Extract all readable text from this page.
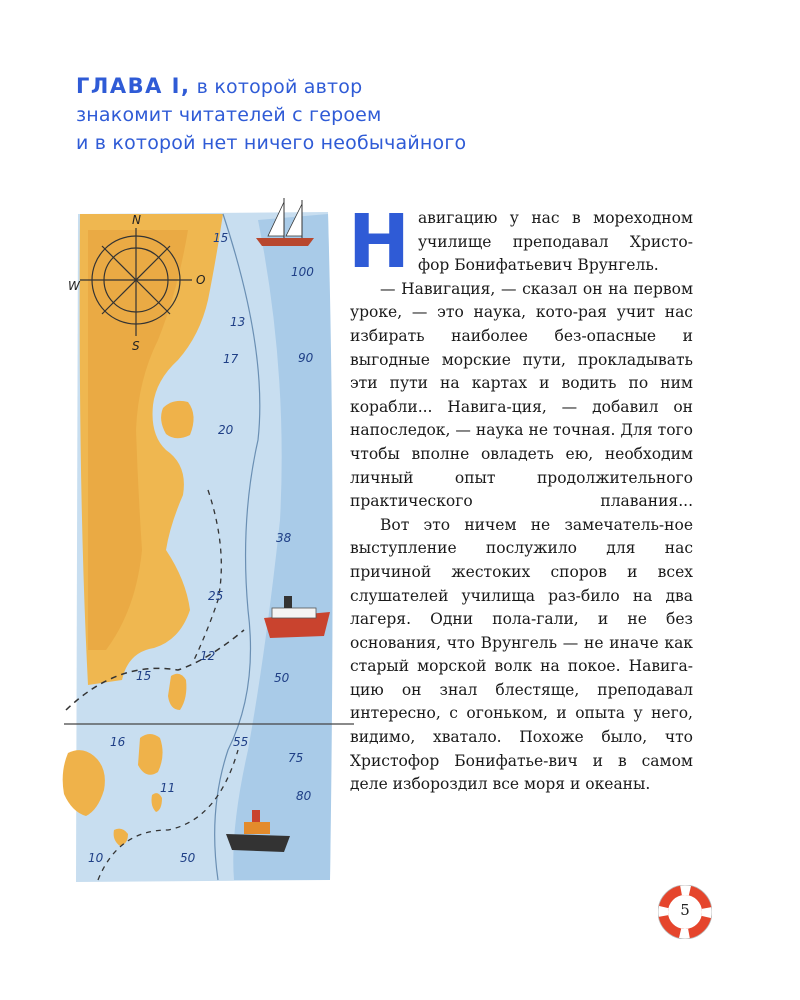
ГЛАВА I, в которой автор
знакомит читателей с героем
и в которой нет ничего необычайного
N
W	O
S
15
100
13
17	90
20
38
25
12
50
15
16	55
75
11
80
10	50
Н авигацию у нас в мореходном

училище преподавал Христо-

фор Бонифатьевич Врунгель.

— Навигация, — сказал он на первом уроке, — это наука, кото-рая учит нас избирать наиболее без-опасные и выгодные морские пути, прокладывать эти пути на картах и водить по ним корабли... Навига-ция, — добавил он напоследок, — наука не точная. Для того чтобы вполне овладеть ею, необходим личный опыт продолжительного практического плавания...

Вот это ничем не замечатель-ное выступление послужило для нас причиной жестоких споров и всех слушателей училища раз-било на два лагеря. Одни пола-гали, и не без основания, что Врунгель — не иначе как старый морской волк на покое. Навига-цию он знал блестяще, преподавал интересно, с огоньком, и опыта у него, видимо, хватало. Похоже было, что Христофор Бонифатье-вич и в самом деле избороздил все моря и океаны.

5
